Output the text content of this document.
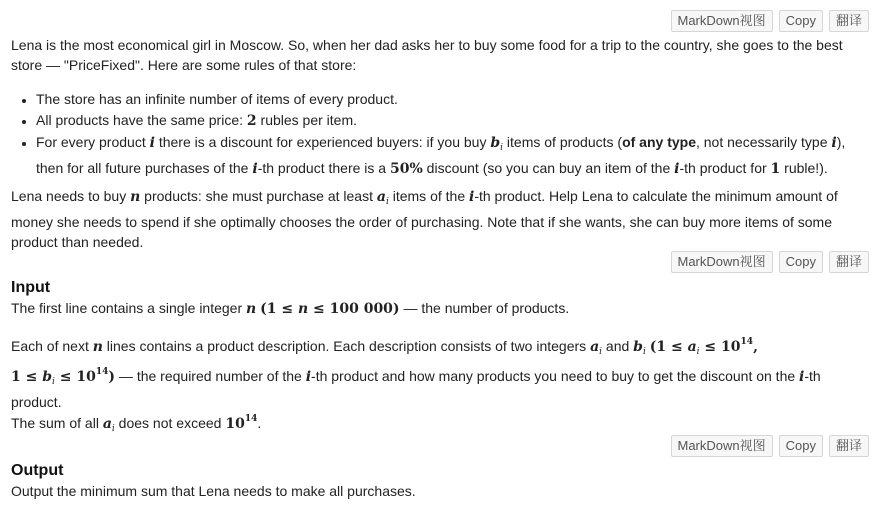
MarkDown视图	Copy	翻译
Lena is the most economical girl in Moscow. So, when her dad asks her to buy some food for a trip to the country, she goes to the best store — "PriceFixed". Here are some rules of that store:
• The store has an infinite number of items of every product.
• All products have the same price: 2 rubles per item.
• For every product i there is a discount for experienced buyers: if you buy $b_i$ items of products (of any type, not necessarily type i), then for all future purchases of the i-th product there is a 50% discount (so you can buy an item of the i-th product for 1 ruble!).
Lena needs to buy n products: she must purchase at least $a_i$ items of the i-th product. Help Lena to calculate the minimum amount of money she needs to spend if she optimally chooses the order of purchasing. Note that if she wants, she can buy more items of some product than needed.
MarkDown视图	Copy	翻译
Input
The first line contains a single integer n (1 ≤ n ≤ 100 000) — the number of products.
Each of next n lines contains a product description. Each description consists of two integers $a_i$ and $b_i$ ($1 \le a_i \le 10^{14}$,
$1 \le b_i \le 10^{14}$) — the required number of the i-th product and how many products you need to buy to get the discount on the i-th product.
The sum of all $a_i$ does not exceed $10^{14}$.
MarkDown视图	Copy	翻译
Output
Output the minimum sum that Lena needs to make all purchases.
